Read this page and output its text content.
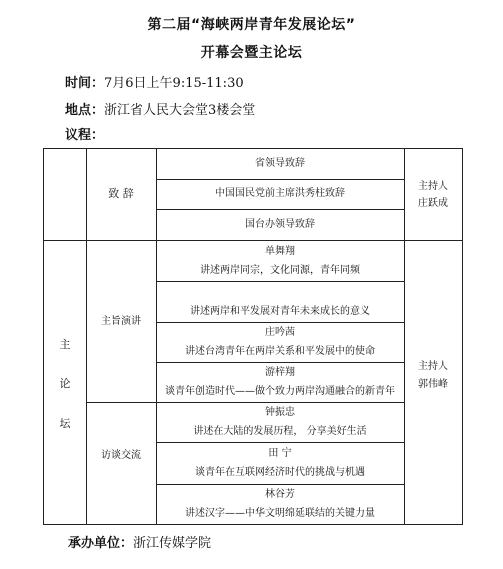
第二届“海峡两岸青年发展论坛”
开幕会暨主论坛
时间：7月6日上午9:15-11:30
地点：浙江省人民大会堂3楼会堂
议程：
致 辞
省领导致辞
中国国民党前主席洪秀柱致辞
国台办领导致辞
主持人
庄跃成
主
论
坛
主旨演讲
单舞翔
讲述两岸同宗，文化同源，青年同频
讲述两岸和平发展对青年未来成长的意义
庄吟茜
讲述台湾青年在两岸关系和平发展中的使命
游梓翔
谈青年创造时代——做个致力两岸沟通融合的新青年
访谈交流
钟振忠
讲述在大陆的发展历程， 分享美好生活
田 宁
谈青年在互联网经济时代的挑战与机遇
林谷芳
讲述汉字——中华文明绵延联结的关键力量
主持人
郭伟峰
承办单位：浙江传媒学院
